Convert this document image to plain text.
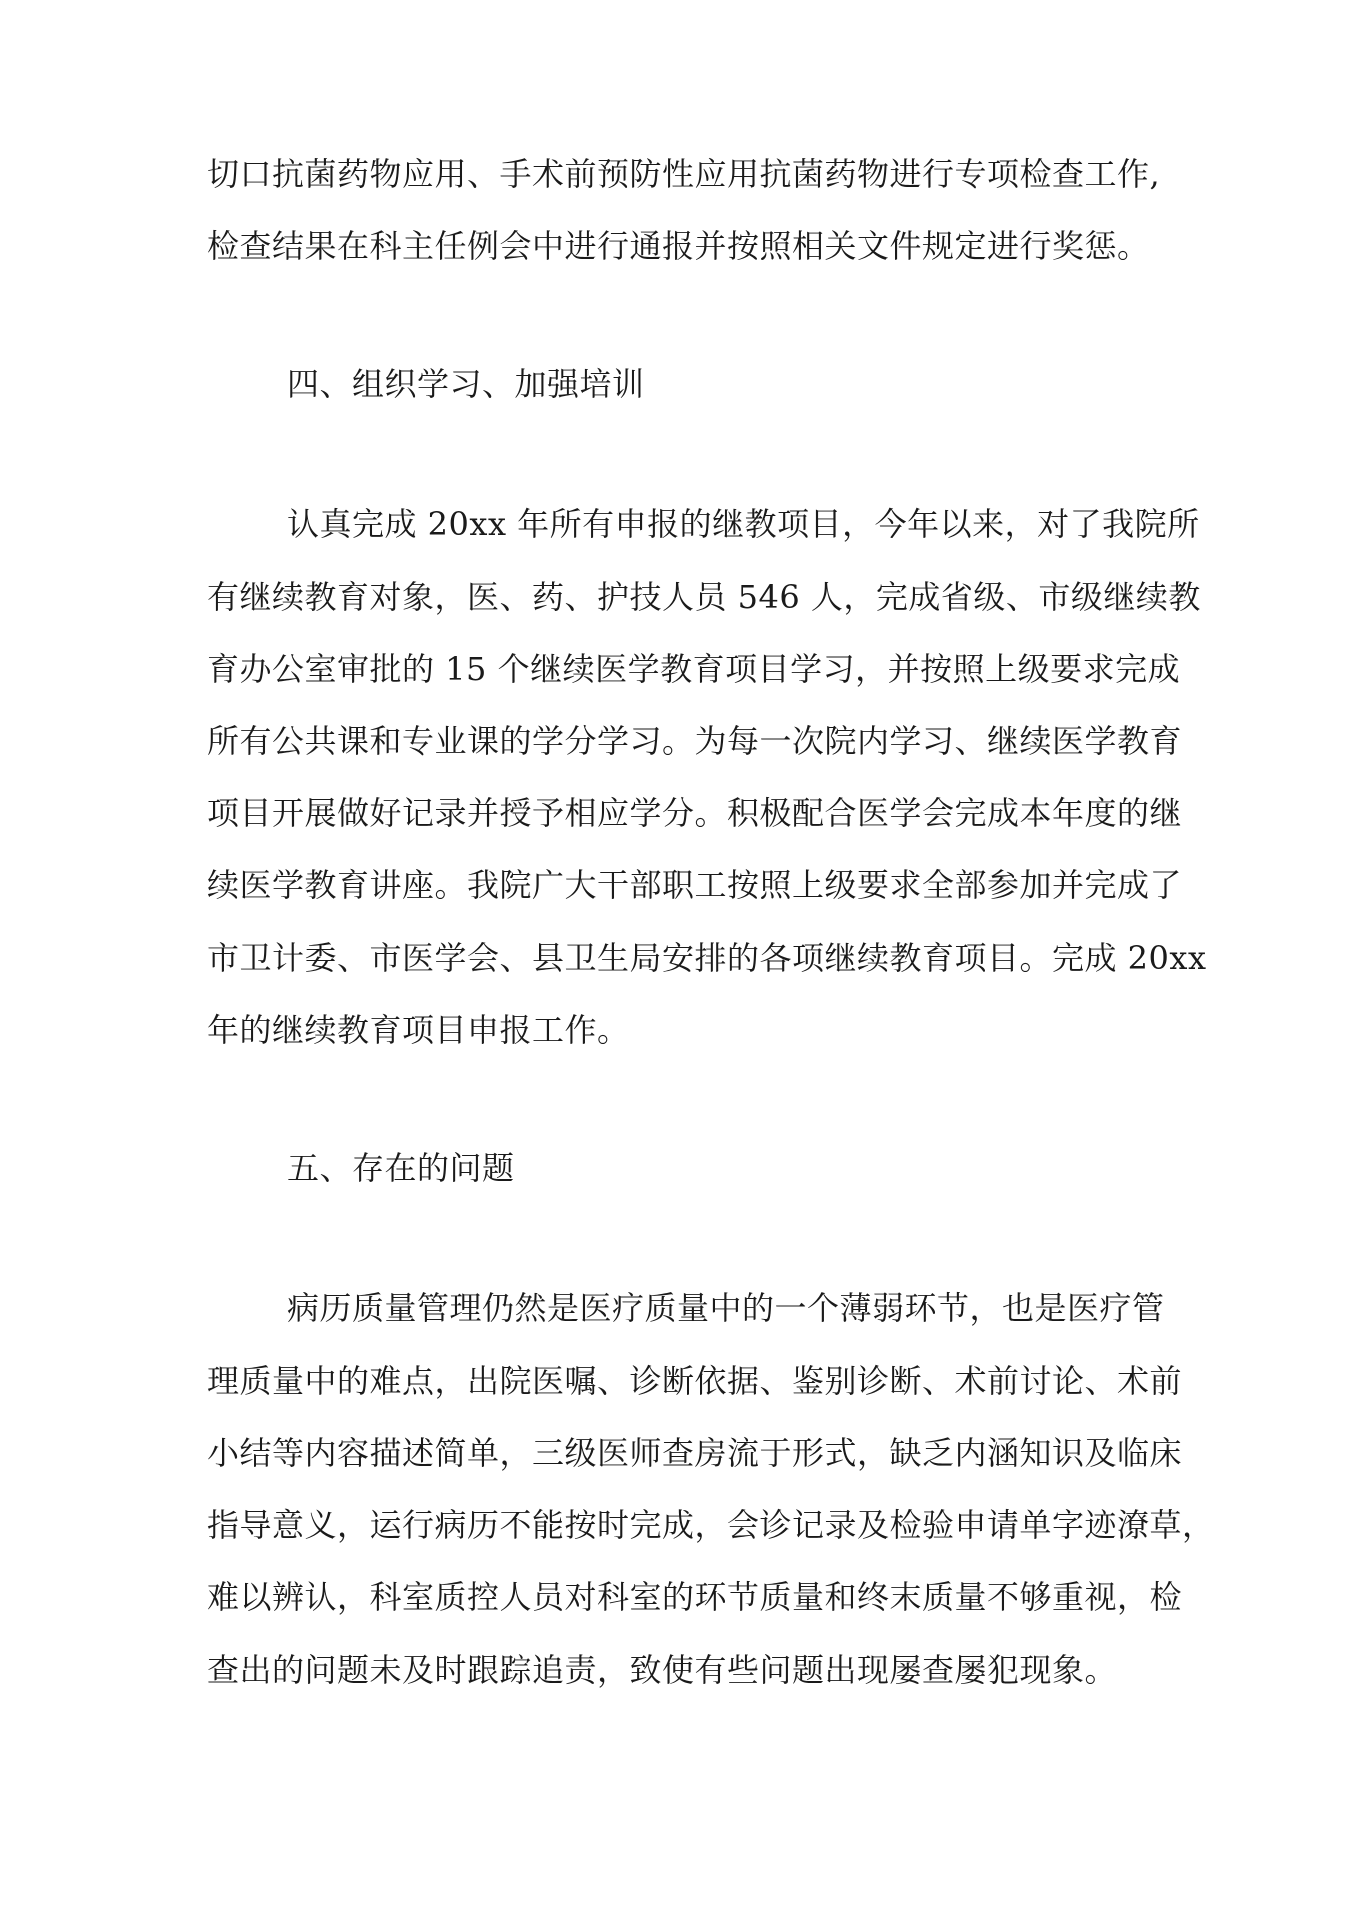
切口抗菌药物应用、手术前预防性应用抗菌药物进行专项检查工作,

检查结果在科主任例会中进行通报并按照相关文件规定进行奖惩。

四、组织学习、加强培训

认真完成 20xx 年所有申报的继教项目，今年以来，对了我院所

有继续教育对象，医、药、护技人员 546 人，完成省级、市级继续教

育办公室审批的 15 个继续医学教育项目学习，并按照上级要求完成

所有公共课和专业课的学分学习。为每一次院内学习、继续医学教育

项目开展做好记录并授予相应学分。积极配合医学会完成本年度的继

续医学教育讲座。我院广大干部职工按照上级要求全部参加并完成了

市卫计委、市医学会、县卫生局安排的各项继续教育项目。完成 20xx

年的继续教育项目申报工作。

五、存在的问题

病历质量管理仍然是医疗质量中的一个薄弱环节，也是医疗管

理质量中的难点，出院医嘱、诊断依据、鉴别诊断、术前讨论、术前

小结等内容描述简单，三级医师查房流于形式，缺乏内涵知识及临床

指导意义，运行病历不能按时完成，会诊记录及检验申请单字迹潦草，

难以辨认，科室质控人员对科室的环节质量和终末质量不够重视，检

查出的问题未及时跟踪追责，致使有些问题出现屡查屡犯现象。
